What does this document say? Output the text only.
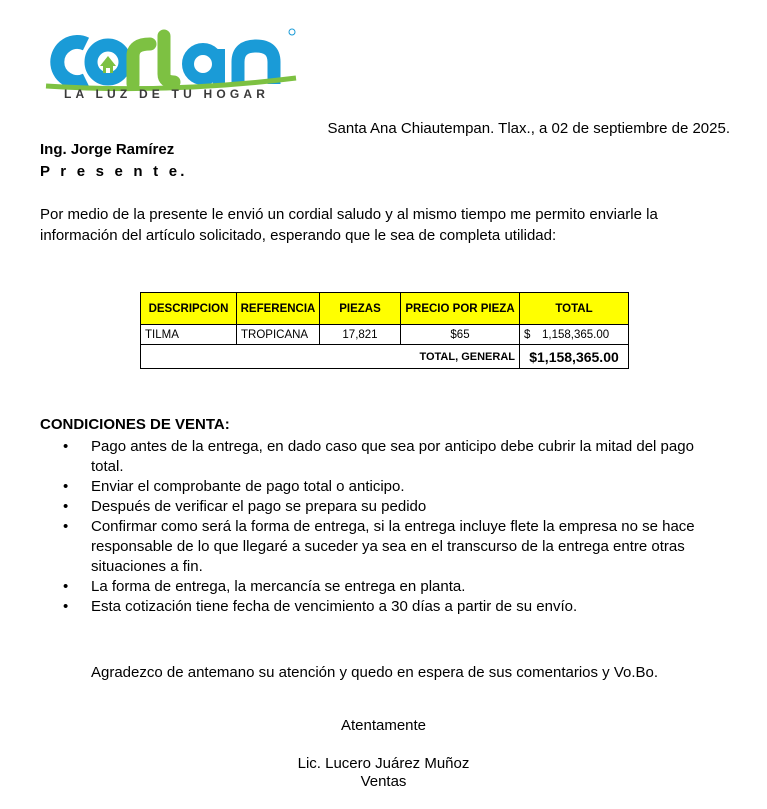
LA LUZ DE TU HOGAR
Santa Ana Chiautempan. Tlax., a 02 de septiembre de 2025.
Ing. Jorge Ramírez
P r e s e n t e.
Por medio de la presente le envió un cordial saludo y al mismo tiempo me permito enviarle la información del artículo solicitado, esperando que le sea de completa utilidad:
DESCRIPCION	REFERENCIA	PIEZAS	PRECIO POR PIEZA	TOTAL
TILMA	TROPICANA	17,821	$65	$ 1,158,365.00
TOTAL, GENERAL				$1,158,365.00
CONDICIONES DE VENTA:
• Pago antes de la entrega, en dado caso que sea por anticipo debe cubrir la mitad del pago total.
• Enviar el comprobante de pago total o anticipo.
• Después de verificar el pago se prepara su pedido
• Confirmar como será la forma de entrega, si la entrega incluye flete la empresa no se hace responsable de lo que llegaré a suceder ya sea en el transcurso de la entrega entre otras situaciones a fin.
• La forma de entrega, la mercancía se entrega en planta.
• Esta cotización tiene fecha de vencimiento a 30 días a partir de su envío.
Agradezco de antemano su atención y quedo en espera de sus comentarios y Vo.Bo.
Atentamente
Lic. Lucero Juárez Muñoz
Ventas
